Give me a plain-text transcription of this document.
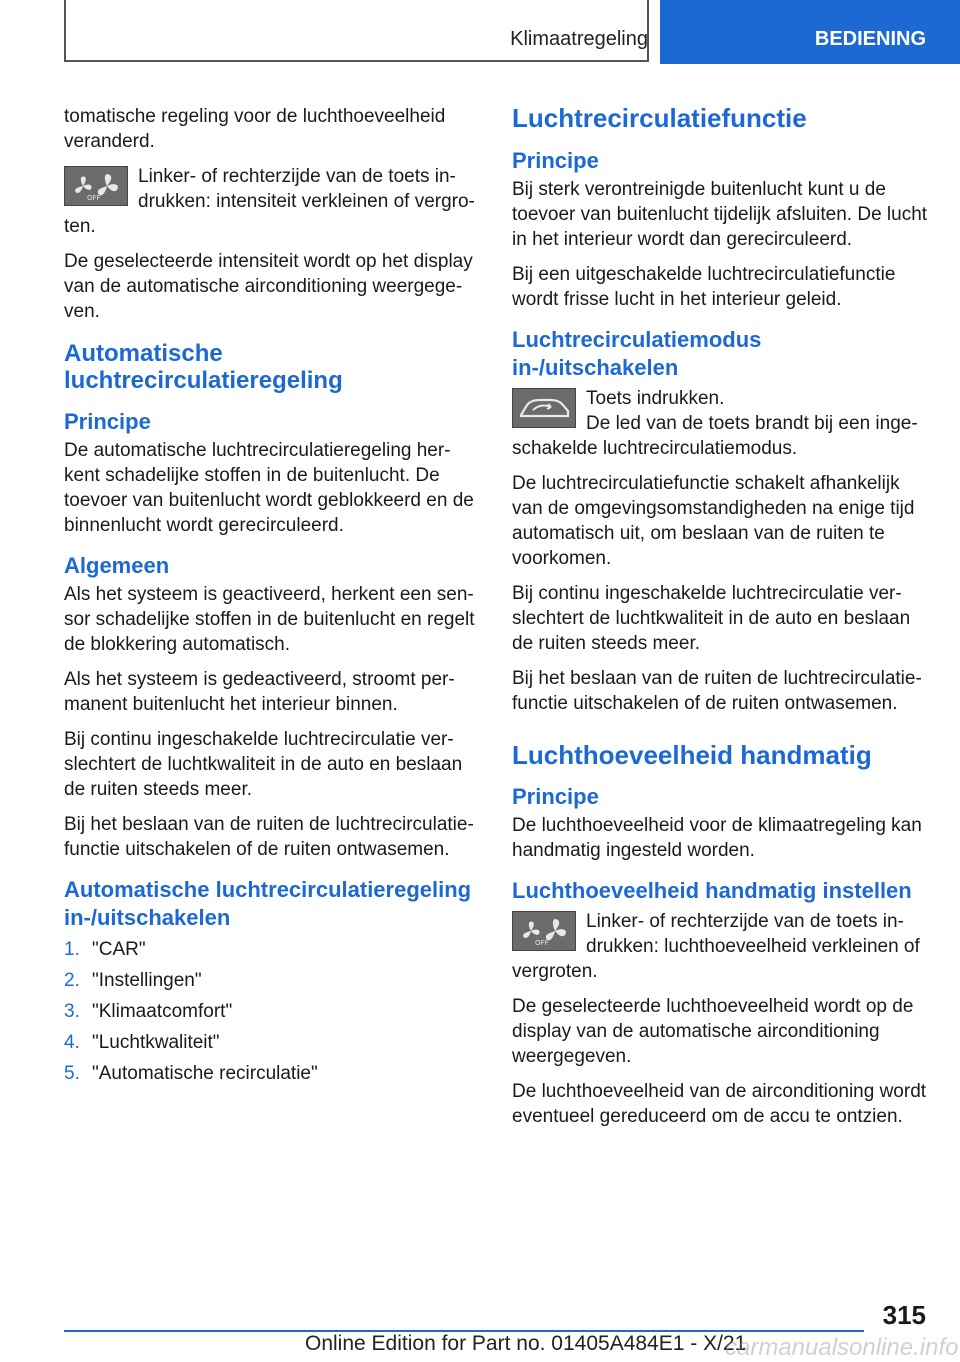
Klimaatregeling	BEDIENING

tomatische regeling voor de luchthoeveelheid veranderd.

OFF
Linker- of rechterzijde van de toets in-drukken: intensiteit verkleinen of vergro-ten.

De geselecteerde intensiteit wordt op het display van de automatische airconditioning weergege-ven.

Automatische luchtrecirculatieregeling
Principe

De automatische luchtrecirculatieregeling her-kent schadelijke stoffen in de buitenlucht. De toevoer van buitenlucht wordt geblokkeerd en de binnenlucht wordt gerecirculeerd.

Algemeen

Als het systeem is geactiveerd, herkent een sen-sor schadelijke stoffen in de buitenlucht en regelt de blokkering automatisch.

Als het systeem is gedeactiveerd, stroomt per-manent buitenlucht het interieur binnen.

Bij continu ingeschakelde luchtrecirculatie ver-slechtert de luchtkwaliteit in de auto en beslaan de ruiten steeds meer.

Bij het beslaan van de ruiten de luchtrecirculatie-functie uitschakelen of de ruiten ontwasemen.

Automatische luchtrecirculatieregeling in-/uitschakelen
1. "CAR"
2. "Instellingen"
3. "Klimaatcomfort"
4. "Luchtkwaliteit"
5. "Automatische recirculatie"
Luchtrecirculatiefunctie
Principe

Bij sterk verontreinigde buitenlucht kunt u de toevoer van buitenlucht tijdelijk afsluiten. De lucht in het interieur wordt dan gerecirculeerd.

Bij een uitgeschakelde luchtrecirculatiefunctie wordt frisse lucht in het interieur geleid.

Luchtrecirculatiemodus in-/uitschakelen
Toets indrukken.
De led van de toets brandt bij een inge-schakelde luchtrecirculatiemodus.

De luchtrecirculatiefunctie schakelt afhankelijk van de omgevingsomstandigheden na enige tijd automatisch uit, om beslaan van de ruiten te voorkomen.

Bij continu ingeschakelde luchtrecirculatie ver-slechtert de luchtkwaliteit in de auto en beslaan de ruiten steeds meer.

Bij het beslaan van de ruiten de luchtrecirculatie-functie uitschakelen of de ruiten ontwasemen.

Luchthoeveelheid handmatig
Principe

De luchthoeveelheid voor de klimaatregeling kan handmatig ingesteld worden.

Luchthoeveelheid handmatig instellen
OFF
Linker- of rechterzijde van de toets in-drukken: luchthoeveelheid verkleinen of vergroten.

De geselecteerde luchthoeveelheid wordt op de display van de automatische airconditioning weergegeven.

De luchthoeveelheid van de airconditioning wordt eventueel gereduceerd om de accu te ontzien.

315
Online Edition for Part no. 01405A484E1 - X/21
carmanualsonline.info
